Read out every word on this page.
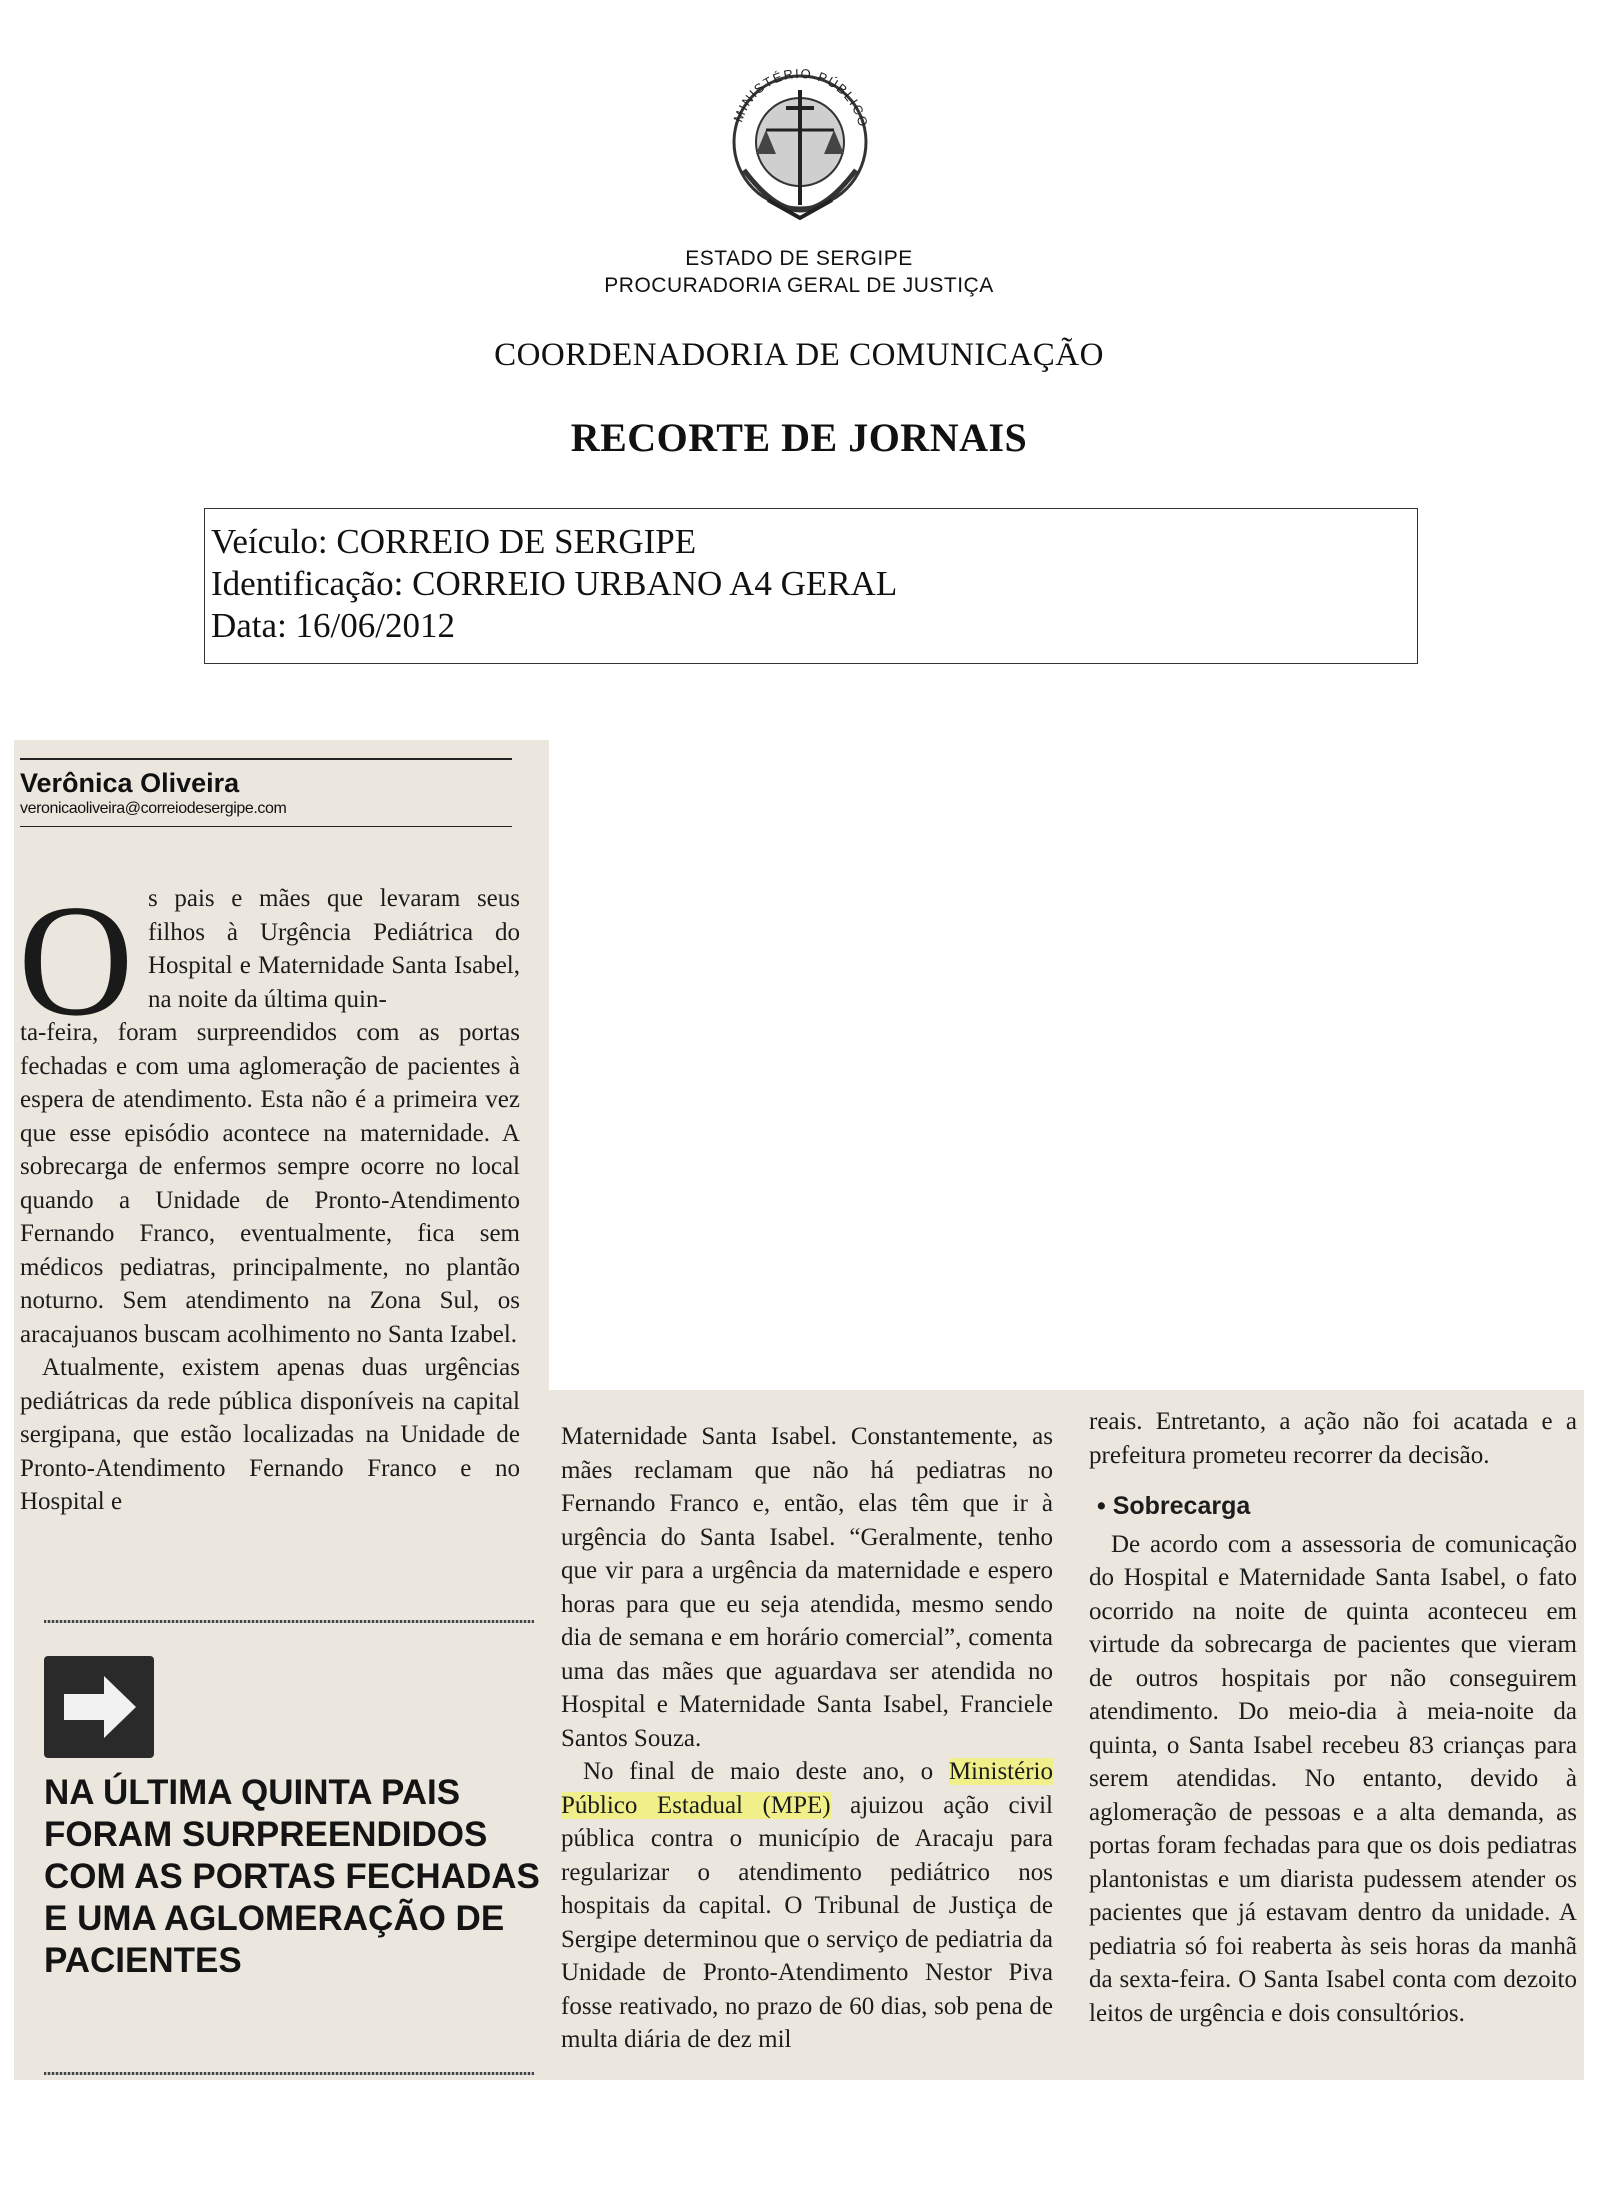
MINISTÉRIO PÚBLICO
ESTADO DE SERGIPE
PROCURADORIA GERAL DE JUSTIÇA
COORDENADORIA DE COMUNICAÇÃO
RECORTE DE JORNAIS
Veículo: CORREIO DE SERGIPE
Identificação: CORREIO URBANO A4 GERAL
Data: 16/06/2012
Verônica Oliveira
veronicaoliveira@correiodesergipe.com
O s pais e mães que levaram seus filhos à Urgência Pediátrica do Hospital e Maternidade Santa Isabel, na noite da última quin-

ta-feira, foram surpreendidos com as portas fechadas e com uma aglomeração de pacientes à espera de atendimento. Esta não é a primeira vez que esse episódio acontece na maternidade. A sobrecarga de enfermos sempre ocorre no local quando a Unidade de Pronto-Atendimento Fernando Franco, eventualmente, fica sem médicos pediatras, principalmente, no plantão noturno. Sem atendimento na Zona Sul, os aracajuanos buscam acolhimento no Santa Izabel.

Atualmente, existem apenas duas urgências pediátricas da rede pública disponíveis na capital sergipana, que estão localizadas na Unidade de Pronto-Atendimento Fernando Franco e no Hospital e

NA ÚLTIMA QUINTA PAIS FORAM SURPREENDIDOS COM AS PORTAS FECHADAS E UMA AGLOMERAÇÃO DE PACIENTES

Maternidade Santa Isabel. Constantemente, as mães reclamam que não há pediatras no Fernando Franco e, então, elas têm que ir à urgência do Santa Isabel. “Geralmente, tenho que vir para a urgência da maternidade e espero horas para que eu seja atendida, mesmo sendo dia de semana e em horário comercial”, comenta uma das mães que aguardava ser atendida no Hospital e Maternidade Santa Isabel, Franciele Santos Souza.

No final de maio deste ano, o Ministério Público Estadual (MPE) ajuizou ação civil pública contra o município de Aracaju para regularizar o atendimento pediátrico nos hospitais da capital. O Tribunal de Justiça de Sergipe determinou que o serviço de pediatria da Unidade de Pronto-Atendimento Nestor Piva fosse reativado, no prazo de 60 dias, sob pena de multa diária de dez mil

reais. Entretanto, a ação não foi acatada e a prefeitura prometeu recorrer da decisão.

• Sobrecarga

De acordo com a assessoria de comunicação do Hospital e Maternidade Santa Isabel, o fato ocorrido na noite de quinta aconteceu em virtude da sobrecarga de pacientes que vieram de outros hospitais por não conseguirem atendimento. Do meio-dia à meia-noite da quinta, o Santa Isabel recebeu 83 crianças para serem atendidas. No entanto, devido à aglomeração de pessoas e a alta demanda, as portas foram fechadas para que os dois pediatras plantonistas e um diarista pudessem atender os pacientes que já estavam dentro da unidade. A pediatria só foi reaberta às seis horas da manhã da sexta-feira. O Santa Isabel conta com dezoito leitos de urgência e dois consultórios.
